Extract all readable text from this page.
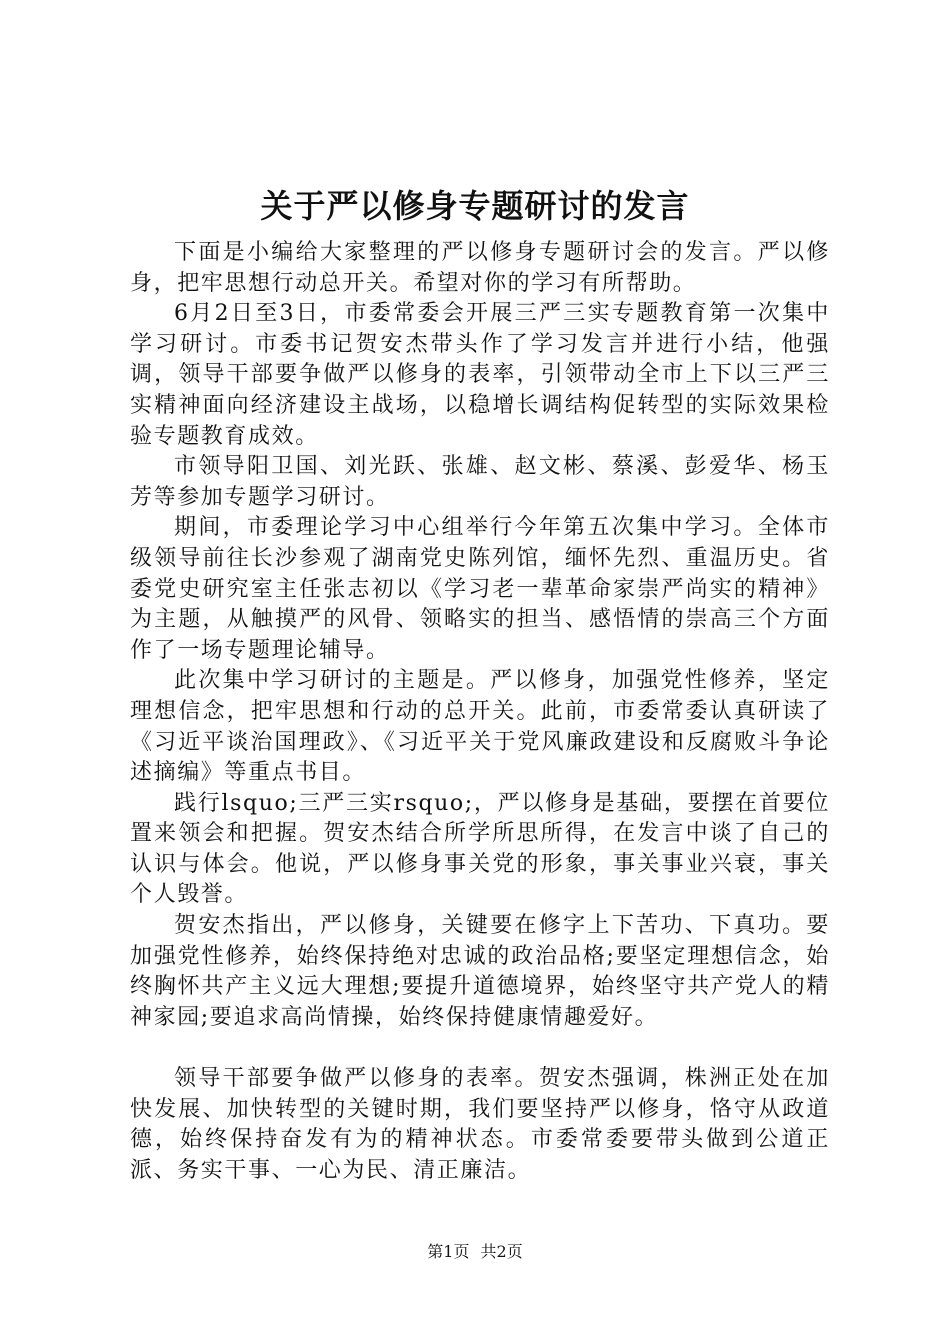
关于严以修身专题研讨的发言

下面是小编给大家整理的严以修身专题研讨会的发言。严以修身，把牢思想行动总开关。希望对你的学习有所帮助。

6月2日至3日，市委常委会开展三严三实专题教育第一次集中学习研讨。市委书记贺安杰带头作了学习发言并进行小结，他强调，领导干部要争做严以修身的表率，引领带动全市上下以三严三实精神面向经济建设主战场，以稳增长调结构促转型的实际效果检验专题教育成效。

市领导阳卫国、刘光跃、张雄、赵文彬、蔡溪、彭爱华、杨玉芳等参加专题学习研讨。

期间，市委理论学习中心组举行今年第五次集中学习。全体市级领导前往长沙参观了湖南党史陈列馆，缅怀先烈、重温历史。省委党史研究室主任张志初以《学习老一辈革命家崇严尚实的精神》为主题，从触摸严的风骨、领略实的担当、感悟情的崇高三个方面作了一场专题理论辅导。

此次集中学习研讨的主题是。严以修身，加强党性修养，坚定理想信念，把牢思想和行动的总开关。此前，市委常委认真研读了《习近平谈治国理政》、《习近平关于党风廉政建设和反腐败斗争论述摘编》等重点书目。

践行lsquo;三严三实rsquo;，严以修身是基础，要摆在首要位置来领会和把握。贺安杰结合所学所思所得，在发言中谈了自己的认识与体会。他说，严以修身事关党的形象，事关事业兴衰，事关个人毁誉。

贺安杰指出，严以修身，关键要在修字上下苦功、下真功。要加强党性修养，始终保持绝对忠诚的政治品格;要坚定理想信念，始终胸怀共产主义远大理想;要提升道德境界，始终坚守共产党人的精神家园;要追求高尚情操，始终保持健康情趣爱好。

领导干部要争做严以修身的表率。贺安杰强调，株洲正处在加快发展、加快转型的关键时期，我们要坚持严以修身，恪守从政道德，始终保持奋发有为的精神状态。市委常委要带头做到公道正派、务实干事、一心为民、清正廉洁。

第1页 共2页
